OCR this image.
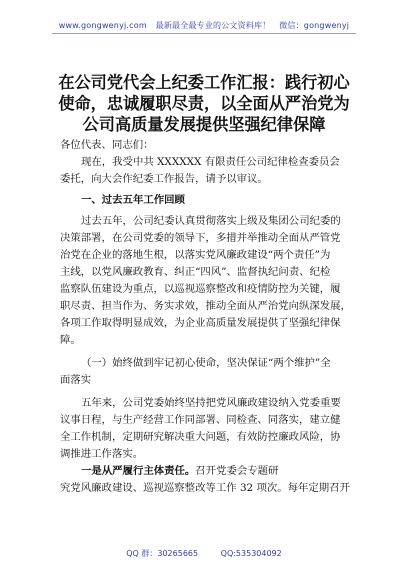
www.gongwenyj.com 最新最全最专业的公文资料库！ 微信：gongwenyj
在公司党代会上纪委工作汇报：践行初心
使命，忠诚履职尽责，以全面从严治党为
公司高质量发展提供坚强纪律保障
各位代表、同志们：
现在，我受中共 XXXXXX 有限责任公司纪律检查委员会
委托，向大会作纪委工作报告，请予以审议。
一、过去五年工作回顾
过去五年，公司纪委认真贯彻落实上级及集团公司纪委的
决策部署，在公司党委的领导下，多措并举推动全面从严管党
治党在企业的落地生根，以落实党风廉政建设“两个责任”为
主线，以党风廉政教育、纠正“四风”、监督执纪问责、纪检
监察队伍建设为重点，以巡视巡察整改和疫情防控为关键，履
职尽责、担当作为、务实求效，推动全面从严治党向纵深发展，
各项工作取得明显成效，为企业高质量发展提供了坚强纪律保
障。
（一）始终做到牢记初心使命，坚决保证“两个维护”全
面落实
五年来，公司党委始终坚持把党风廉政建设纳入党委重要
议事日程，与生产经营工作同部署、同检查、同落实，建立健
全工作机制，定期研究解决重大问题，有效防控廉政风险，协
调推进工作落实。
一是从严履行主体责任。召开党委会专题研
究党风廉政建设、巡视巡察整改等工作 32 项次。每年定期召开
QQ 群：30265665	QQ:535304092
